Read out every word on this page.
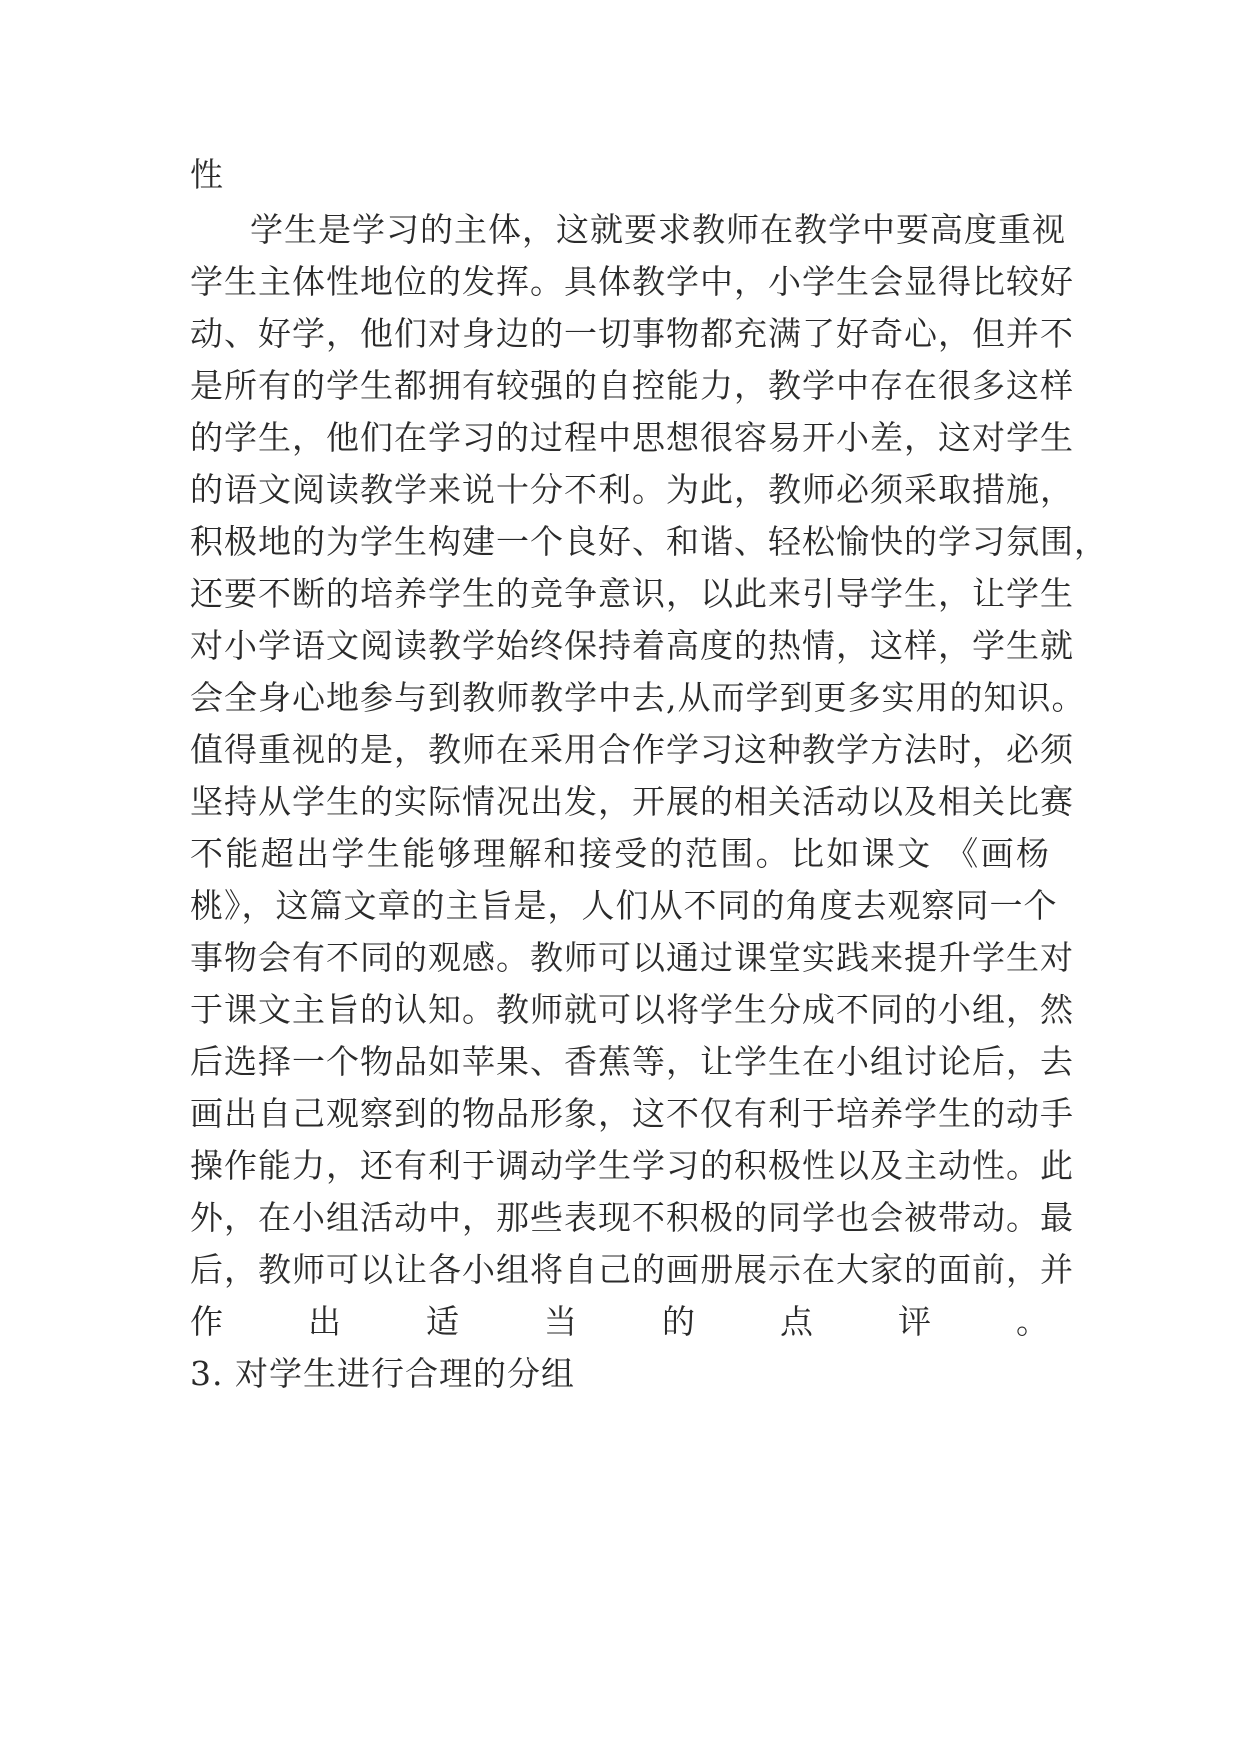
性
学生是学习的主体，这就要求教师在教学中要高度重视
学生主体性地位的发挥。具体教学中，小学生会显得比较好
动、好学，他们对身边的一切事物都充满了好奇心，但并不
是所有的学生都拥有较强的自控能力，教学中存在很多这样
的学生，他们在学习的过程中思想很容易开小差，这对学生
的语文阅读教学来说十分不利。为此，教师必须采取措施，
积极地的为学生构建一个良好、和谐、轻松愉快的学习氛围，
还要不断的培养学生的竞争意识，以此来引导学生，让学生
对小学语文阅读教学始终保持着高度的热情，这样，学生就
会全身心地参与到教师教学中去,从而学到更多实用的知识。
值得重视的是，教师在采用合作学习这种教学方法时，必须
坚持从学生的实际情况出发，开展的相关活动以及相关比赛
不能超出学生能够理解和接受的范围。比如课文 《画杨
桃》，这篇文章的主旨是，人们从不同的角度去观察同一个
事物会有不同的观感。教师可以通过课堂实践来提升学生对
于课文主旨的认知。教师就可以将学生分成不同的小组，然
后选择一个物品如苹果、香蕉等，让学生在小组讨论后，去
画出自己观察到的物品形象，这不仅有利于培养学生的动手
操作能力，还有利于调动学生学习的积极性以及主动性。此
外，在小组活动中，那些表现不积极的同学也会被带动。最
后，教师可以让各小组将自己的画册展示在大家的面前，并
作出适当的点评。
3. 对学生进行合理的分组
